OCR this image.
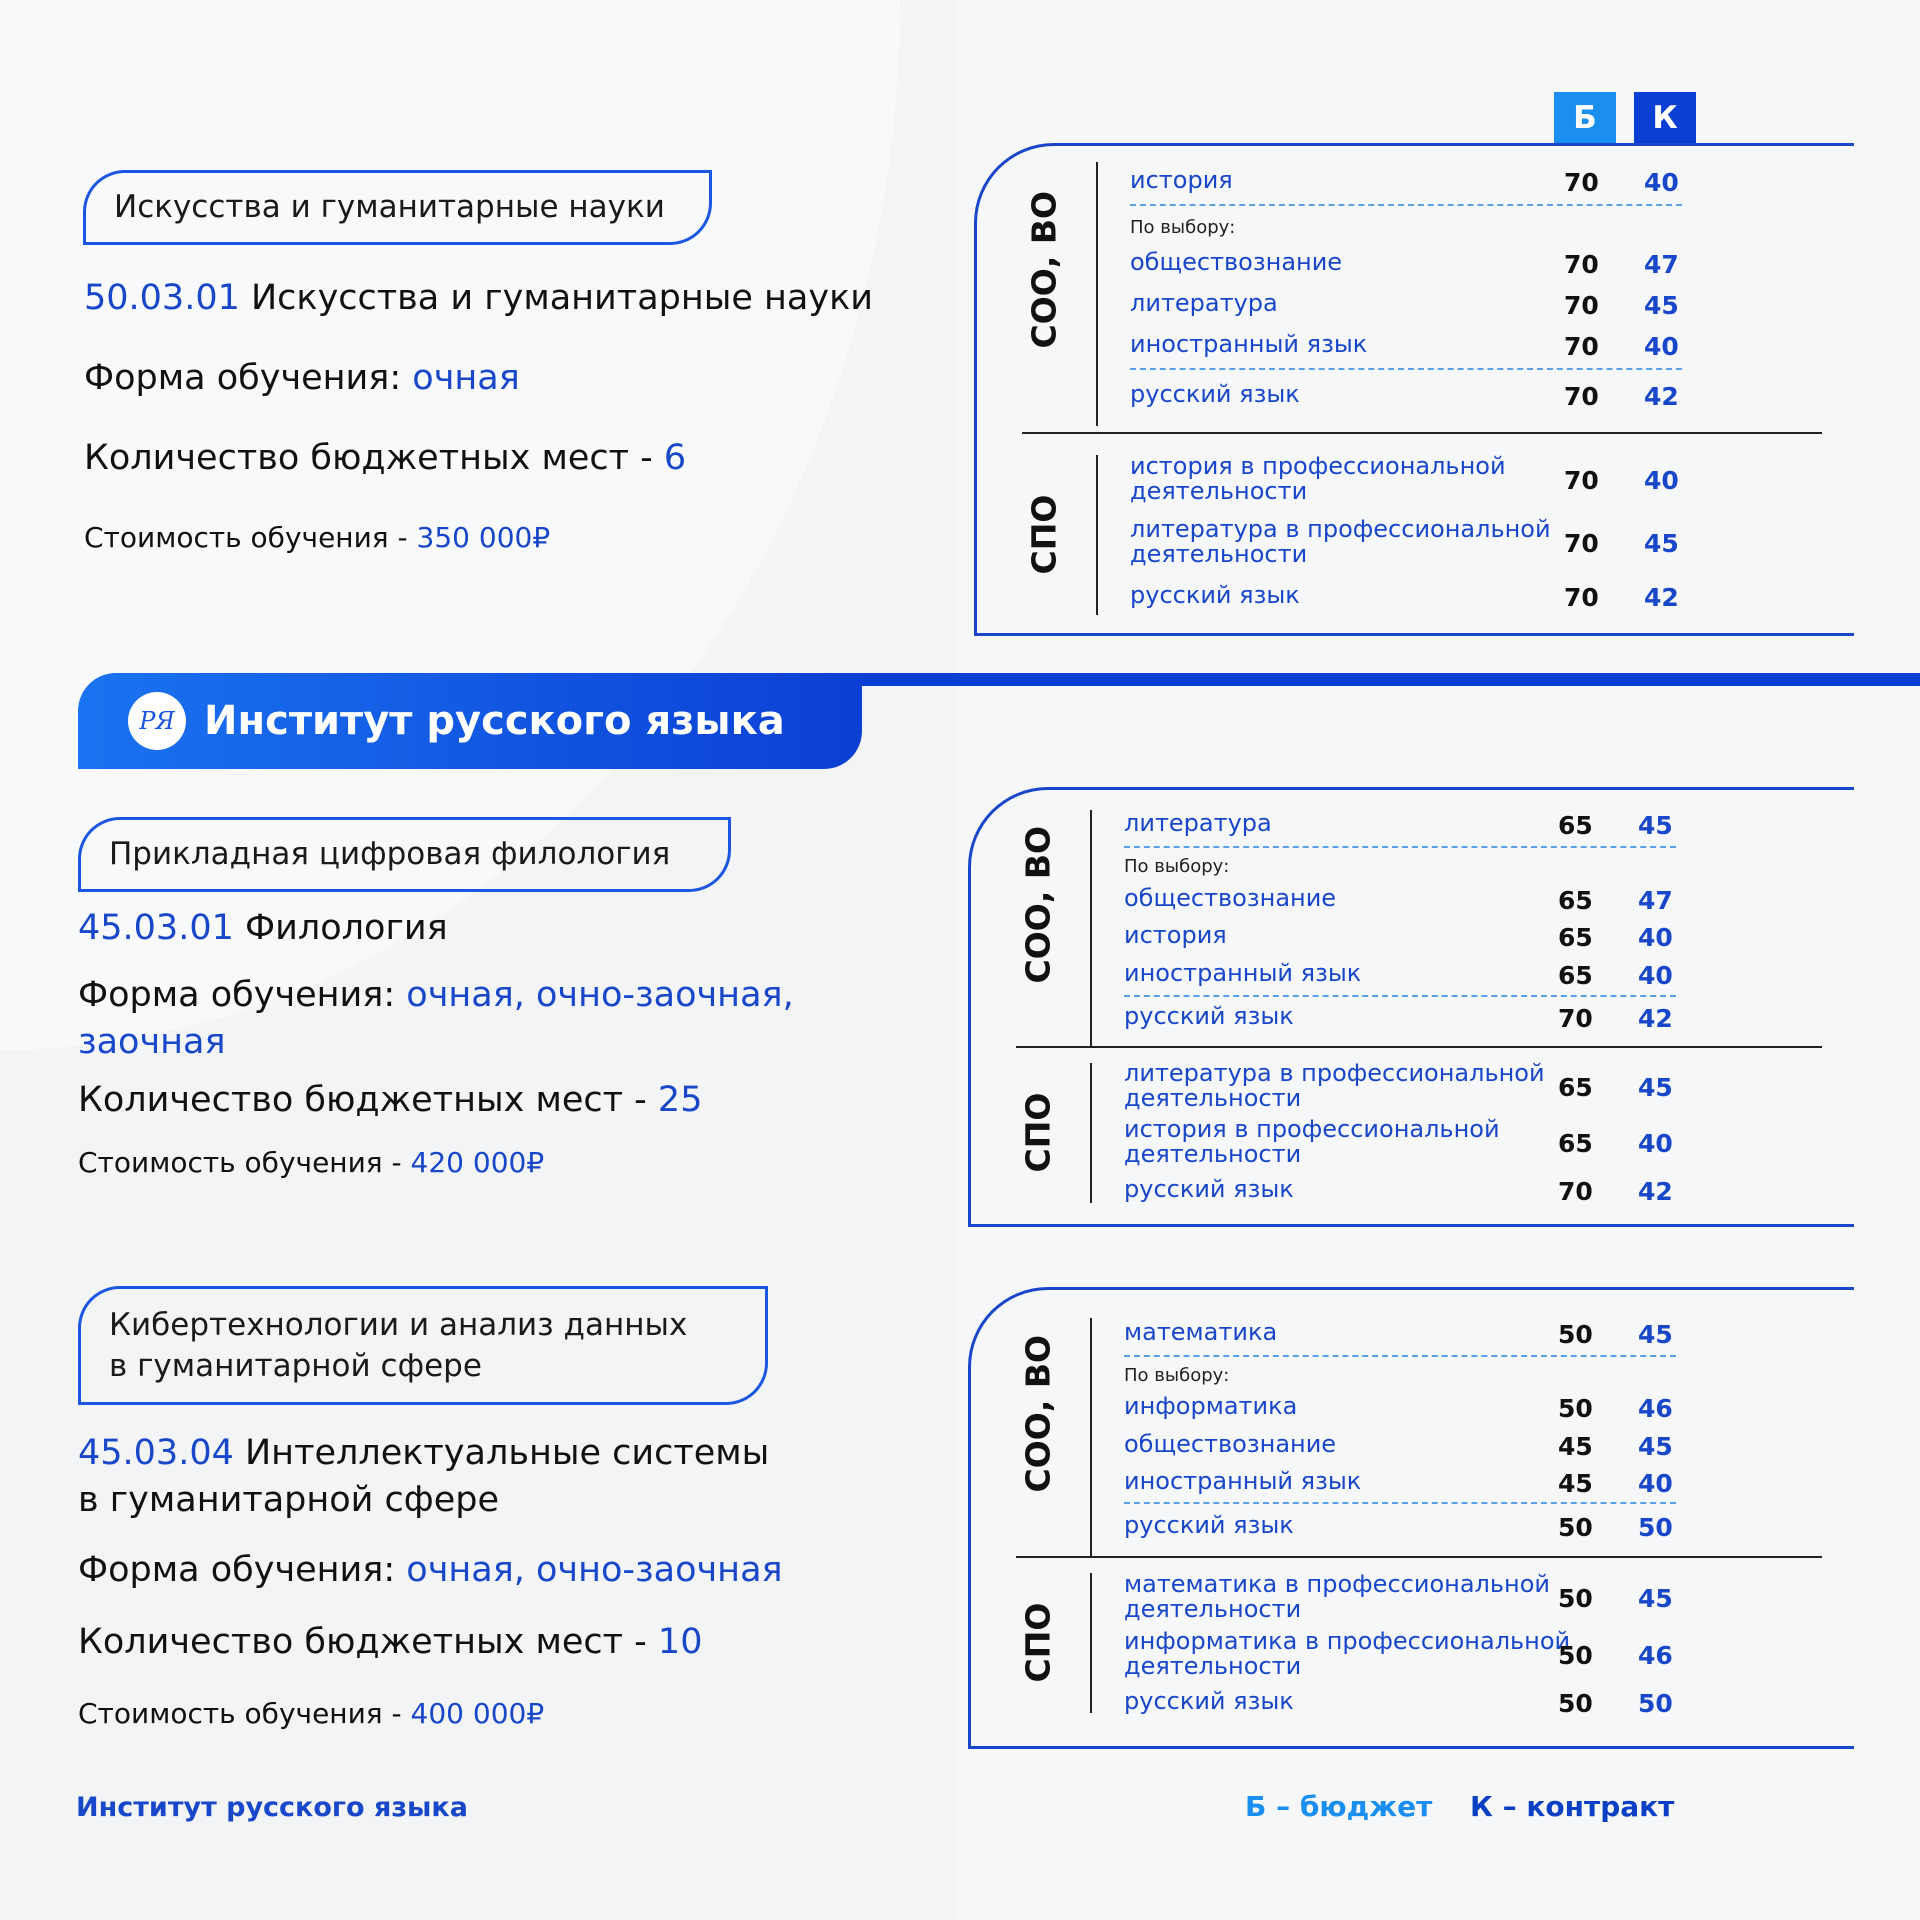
Искусства и гуманитарные науки
50.03.01 Искусства и гуманитарные науки
Форма обучения: очная
Количество бюджетных мест - 6
Стоимость обучения - 350 000₽
РЯ Институт русского языка
Прикладная цифровая филология
45.03.01 Филология
Форма обучения: очная, очно-заочная, заочная
Количество бюджетных мест - 25
Стоимость обучения - 420 000₽
Кибертехнологии и анализ данных
в гуманитарной сфере
45.03.04 Интеллектуальные системы
в гуманитарной сфере
Форма обучения: очная, очно-заочная
Количество бюджетных мест - 10
Стоимость обучения - 400 000₽
Б	К
СОО, ВО
история	70 40
обществознание	70 47
литература	70 45
иностранный язык	70 40
русский язык	70 42
По выбору:
СПО
история в профессиональной
деятельности	70 40
литература в профессиональной
деятельности	70 45
русский язык	70 42
СОО, ВО
литература	65 45
обществознание	65 47
история	65 40
иностранный язык	65 40
русский язык	70 42
По выбору:
СПО
литература в профессиональной
деятельности	65 45
история в профессиональной
деятельности	65 40
русский язык	70 42
СОО, ВО
математика	50 45
информатика	50 46
обществознание	45 45
иностранный язык	45 40
русский язык	50 50
По выбору:
СПО
математика в профессиональной
деятельности	50 45
информатика в профессиональной
деятельности	50 46
русский язык	50 50
Институт русского языка	Б – бюджет К – контракт
